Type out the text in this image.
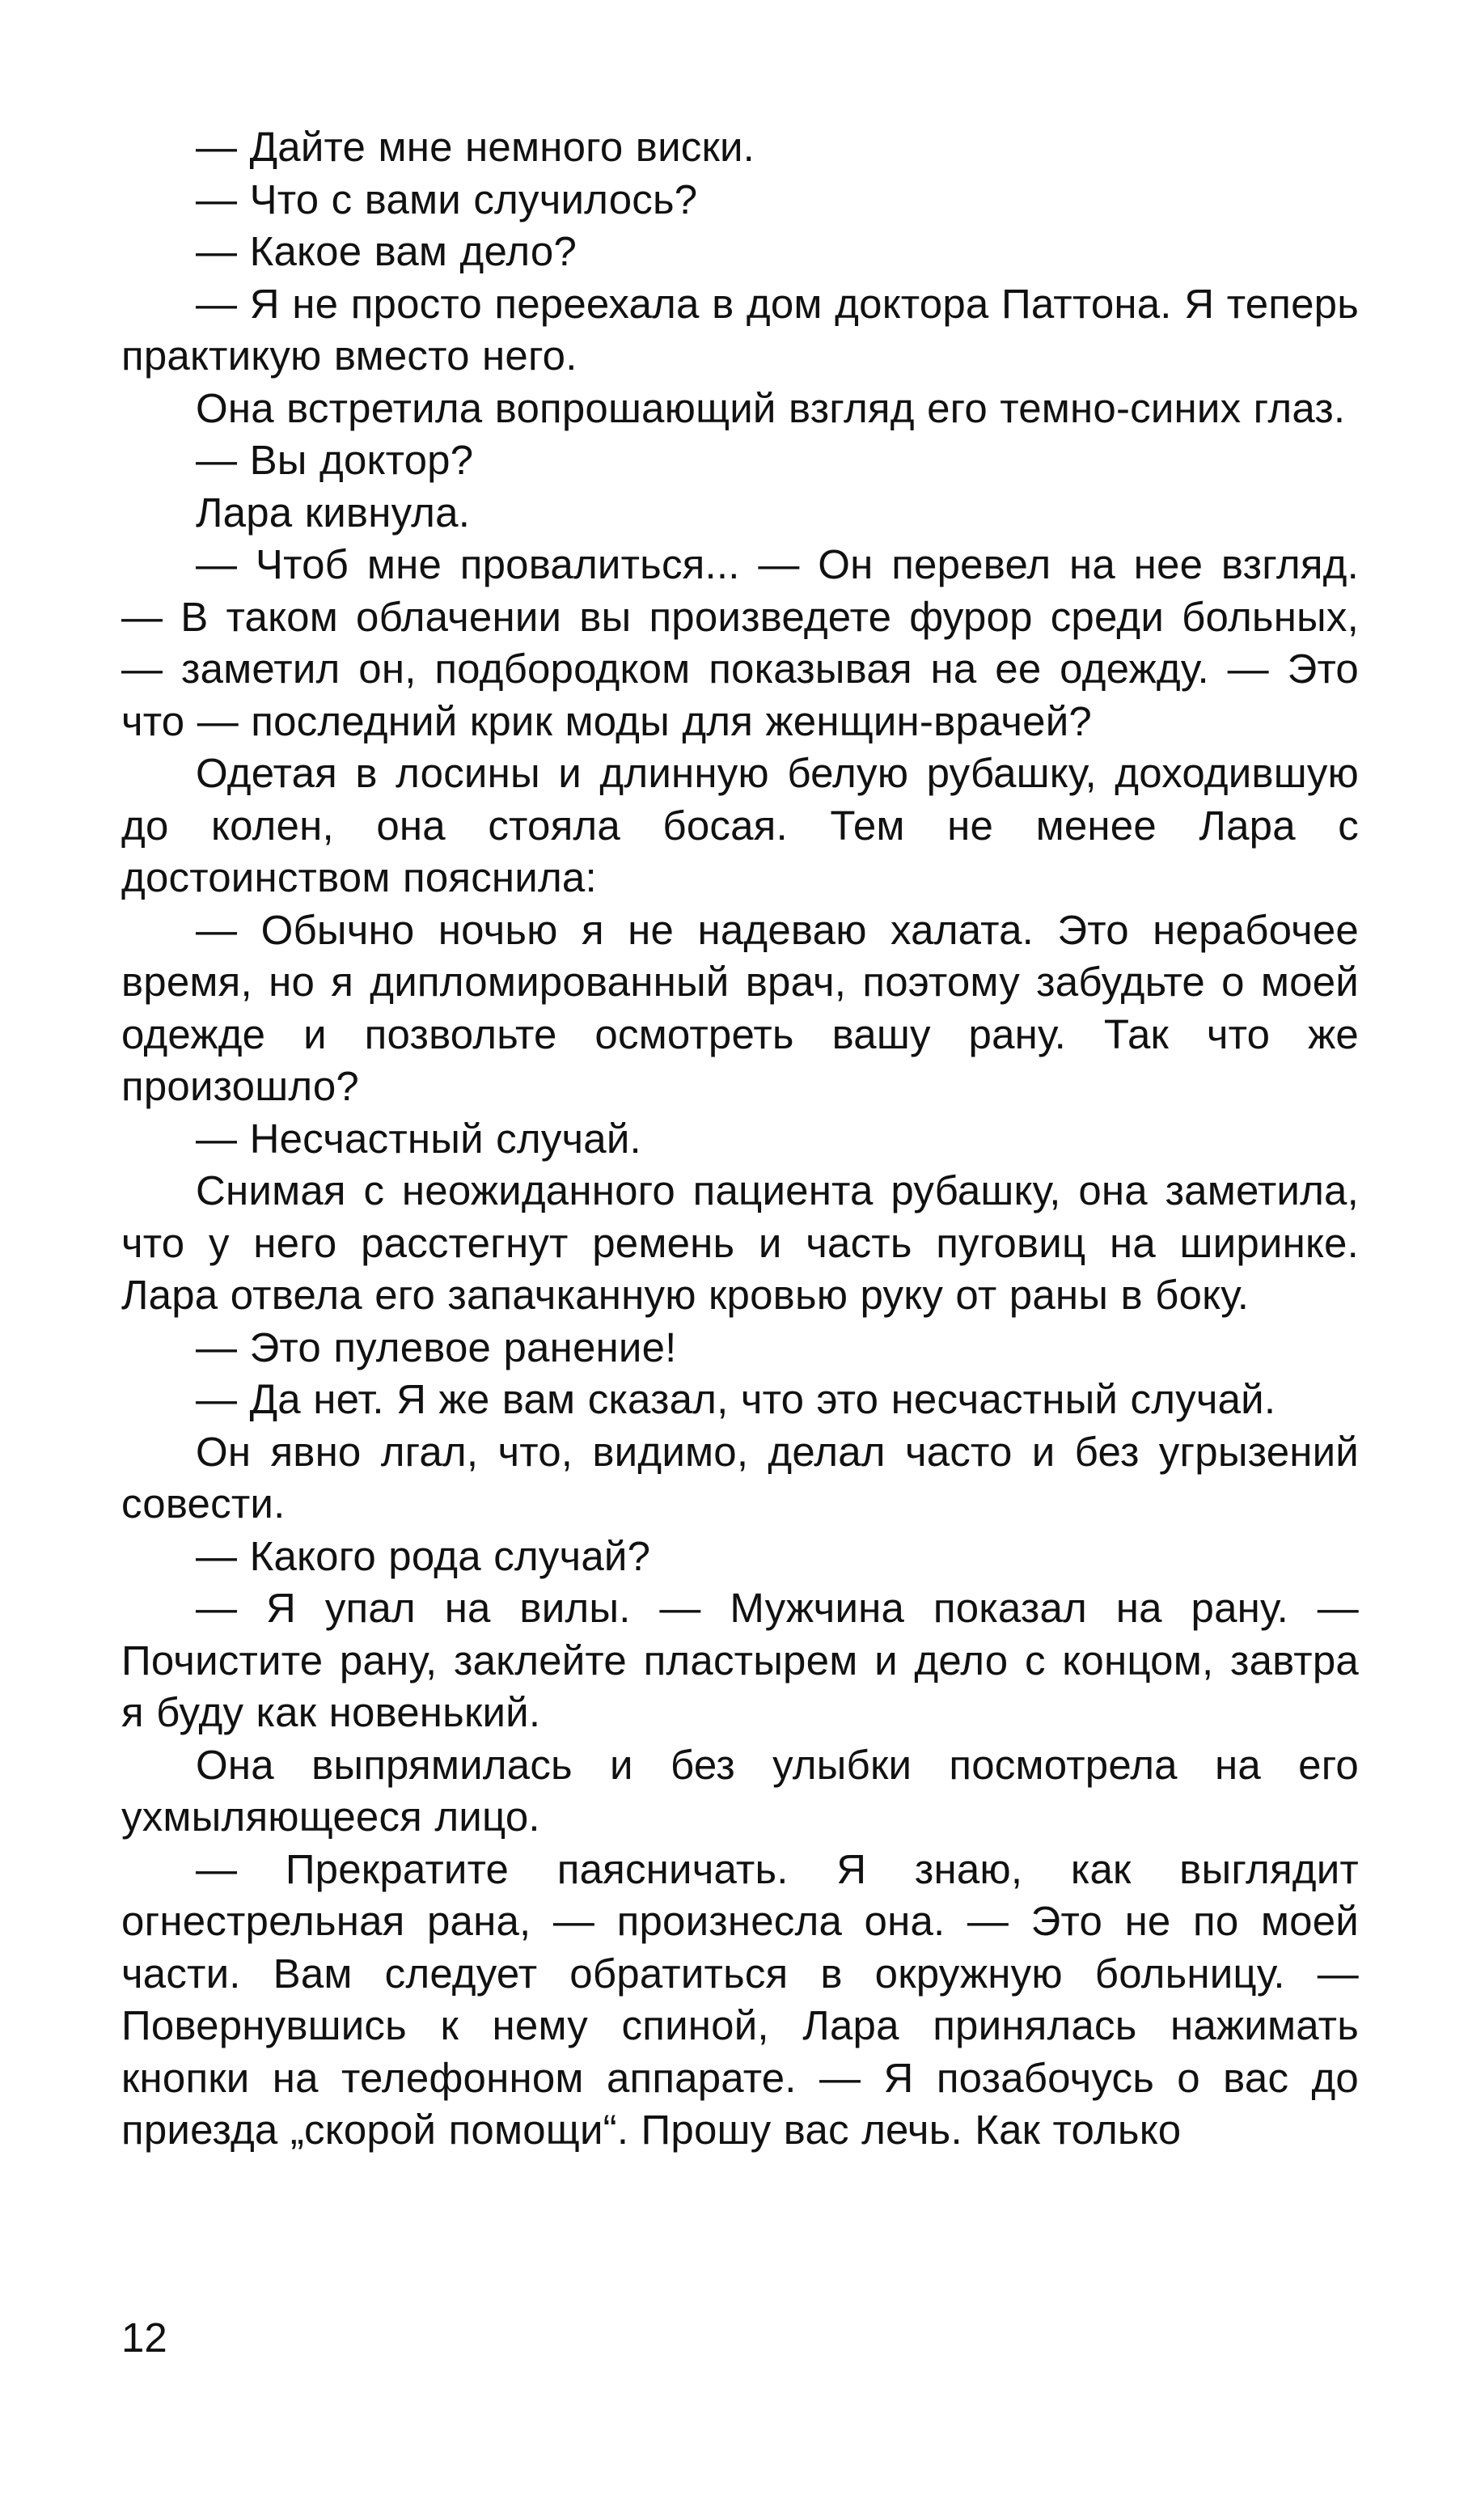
— Дайте мне немного виски.

— Что с вами случилось?

— Какое вам дело?

— Я не просто переехала в дом доктора Паттона. Я теперь практикую вместо него.

Она встретила вопрошающий взгляд его темно-синих глаз.

— Вы доктор?

Лара кивнула.

— Чтоб мне провалиться... — Он перевел на нее взгляд. — В таком облачении вы произведете фурор среди больных, — заметил он, подбородком показывая на ее одежду. — Это что — последний крик моды для женщин-врачей?

Одетая в лосины и длинную белую рубашку, доходившую до колен, она стояла босая. Тем не менее Лара с достоинством пояснила:

— Обычно ночью я не надеваю халата. Это нерабочее время, но я дипломированный врач, поэтому забудьте о моей одежде и позвольте осмотреть вашу рану. Так что же произошло?

— Несчастный случай.

Снимая с неожиданного пациента рубашку, она заметила, что у него расстегнут ремень и часть пуговиц на ширинке. Лара отвела его запачканную кровью руку от раны в боку.

— Это пулевое ранение!

— Да нет. Я же вам сказал, что это несчастный случай.

Он явно лгал, что, видимо, делал часто и без угрызений совести.

— Какого рода случай?

— Я упал на вилы. — Мужчина показал на рану. — Почистите рану, заклейте пластырем и дело с концом, завтра я буду как новенький.

Она выпрямилась и без улыбки посмотрела на его ухмыляющееся лицо.

— Прекратите паясничать. Я знаю, как выглядит огнестрельная рана, — произнесла она. — Это не по моей части. Вам следует обратиться в окружную больницу. — Повернувшись к нему спиной, Лара принялась нажимать кнопки на телефонном аппарате. — Я позабочусь о вас до приезда „скорой помощи“. Прошу вас лечь. Как только

12
